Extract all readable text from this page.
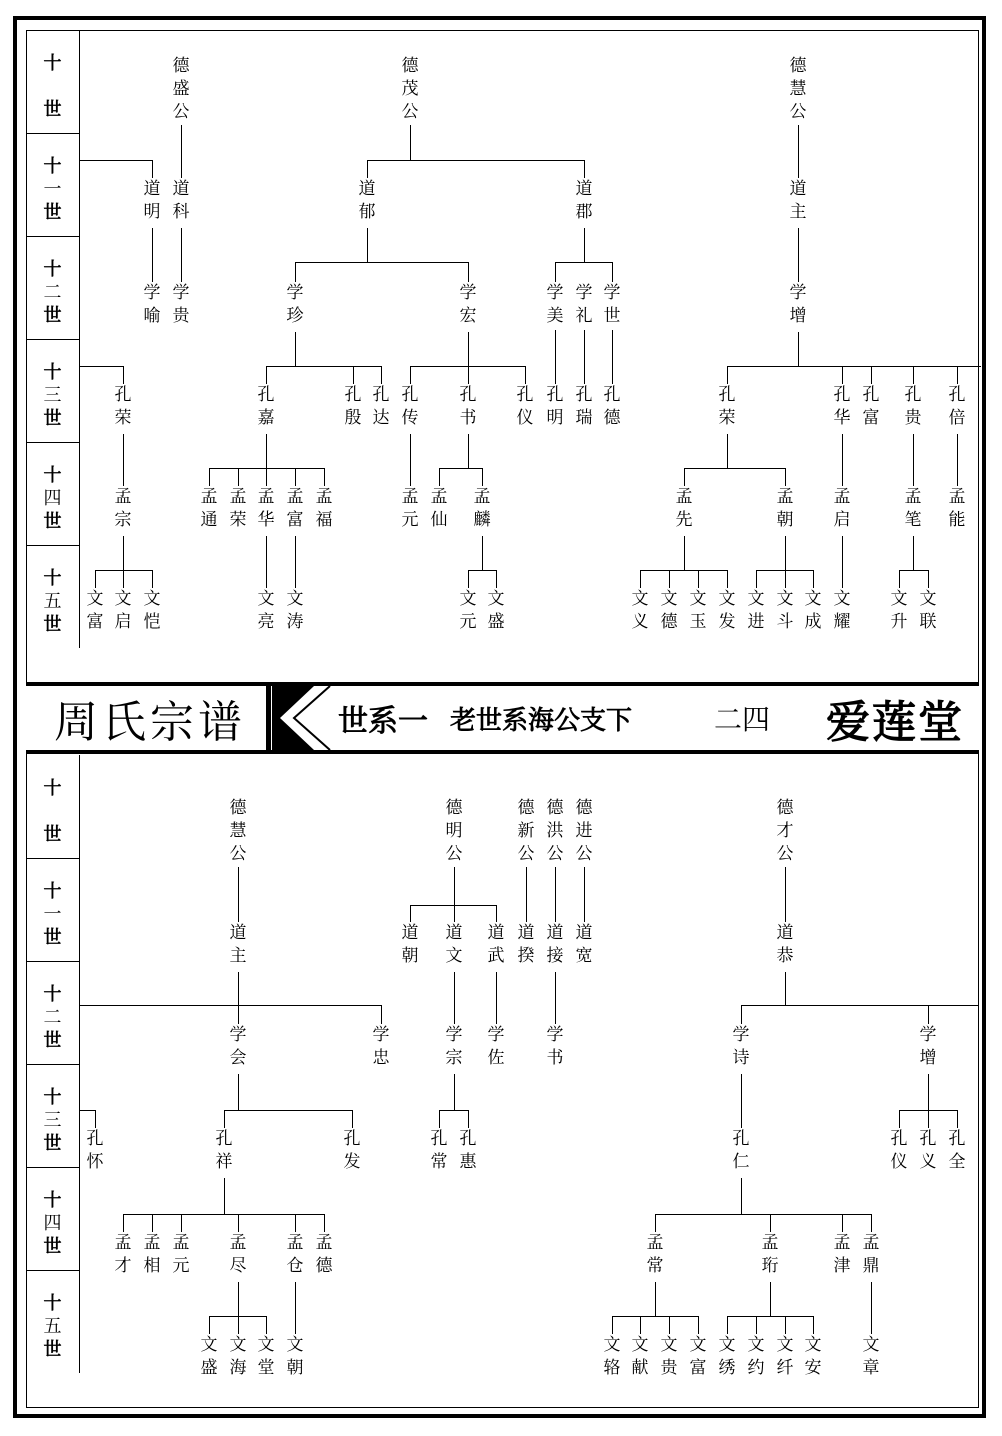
周氏宗谱	世系一 老世系海公支下	二四 爱莲堂
十

世
十
一
世
十
二
世
十
三
世
十
四
世
十
五
世
十

世
十
一
世
十
二
世
十
三
世
十
四
世
十
五
世
德盛公
德茂公
德慧公
道明
道科
道郁
道郡
道主
学喻
学贵
学珍
学宏
学美
学礼
学世
学增
孔荣
孔嘉
孔殷
孔达
孔传
孔书
孔仪
孔明
孔瑞
孔德
孔荣
孔华
孔富
孔贵
孔倍
孟宗
孟通
孟荣
孟华
孟富
孟福
孟元
孟仙
孟麟
孟先
孟朝
孟启
孟笔
孟能
文富
文启
文恺
文亮
文涛
文元
文盛
文义
文德
文玉
文发
文进
文斗
文成
文耀
文升
文联
德慧公
德明公
德新公
德洪公
德进公
德才公
道主
道朝
道文
道武
道揆
道接
道宽
道恭
学会
学忠
学宗
学佐
学书
学诗
学增
孔怀
孔祥
孔发
孔常
孔惠
孔仁
孔仪
孔义
孔全
孟才
孟相
孟元
孟尽
孟仓
孟德
孟常
孟珩
孟津
孟鼎
文盛
文海
文堂
文朝
文辂
文献
文贵
文富
文绣
文约
文纤
文安
文章
